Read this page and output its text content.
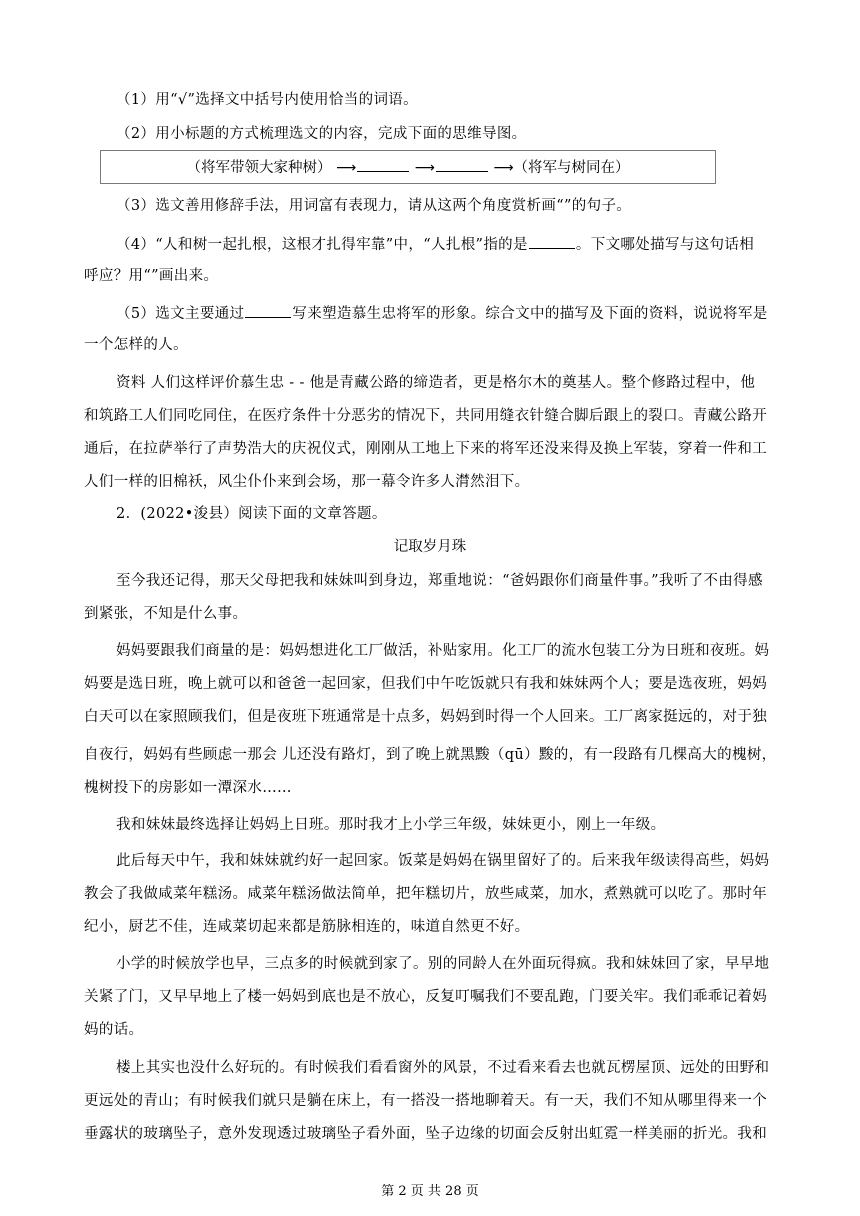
（1）用“√”选择文中括号内使用恰当的词语。
（2）用小标题的方式梳理选文的内容，完成下面的思维导图。
（将军带领大家种树） ⟶	⟶	⟶（将军与树同在）
（3）选文善用修辞手法，用词富有表现力，请从这两个角度赏析画“”的句子。
（4）“人和树一起扎根，这根才扎得牢靠”中，“人扎根”指的是	。下文哪处描写与这句话相
呼应？用“”画出来。
（5）选文主要通过	写来塑造慕生忠将军的形象。综合文中的描写及下面的资料，说说将军是
一个怎样的人。
资料 人们这样评价慕生忠 - - 他是青藏公路的缔造者，更是格尔木的奠基人。整个修路过程中，他
和筑路工人们同吃同住，在医疗条件十分恶劣的情况下，共同用缝衣针缝合脚后跟上的裂口。青藏公路开
通后，在拉萨举行了声势浩大的庆祝仪式，刚刚从工地上下来的将军还没来得及换上军装，穿着一件和工
人们一样的旧棉袄，风尘仆仆来到会场，那一幕令许多人潸然泪下。
2．(2022•浚县）阅读下面的文章答题。
记取岁月珠
至今我还记得，那天父母把我和妹妹叫到身边，郑重地说：“爸妈跟你们商量件事。”我听了不由得感
到紧张，不知是什么事。
妈妈要跟我们商量的是：妈妈想进化工厂做活，补贴家用。化工厂的流水包装工分为日班和夜班。妈
妈要是选日班，晚上就可以和爸爸一起回家，但我们中午吃饭就只有我和妹妹两个人；要是选夜班，妈妈
白天可以在家照顾我们，但是夜班下班通常是十点多，妈妈到时得一个人回来。工厂离家挺远的，对于独
自夜行，妈妈有些顾虑一那会 儿还没有路灯，到了晚上就黑黢（qū）黢的，有一段路有几棵高大的槐树，
槐树投下的房影如一潭深水……
我和妹妹最终选择让妈妈上日班。那时我才上小学三年级，妹妹更小，刚上一年级。
此后每天中午，我和妹妹就约好一起回家。饭菜是妈妈在锅里留好了的。后来我年级读得高些，妈妈
教会了我做咸菜年糕汤。咸菜年糕汤做法简单，把年糕切片，放些咸菜，加水，煮熟就可以吃了。那时年
纪小，厨艺不佳，连咸菜切起来都是筋脉相连的，味道自然更不好。
小学的时候放学也早，三点多的时候就到家了。别的同龄人在外面玩得疯。我和妹妹回了家，早早地
关紧了门，又早早地上了楼一妈妈到底也是不放心，反复叮嘱我们不要乱跑，门要关牢。我们乖乖记着妈
妈的话。
楼上其实也没什么好玩的。有时候我们看看窗外的风景，不过看来看去也就瓦楞屋顶、远处的田野和
更远处的青山；有时候我们就只是躺在床上，有一搭没一搭地聊着天。有一天，我们不知从哪里得来一个
垂露状的玻璃坠子，意外发现透过玻璃坠子看外面，坠子边缘的切面会反射出虹霓一样美丽的折光。我和
第 2 页 共 28 页
